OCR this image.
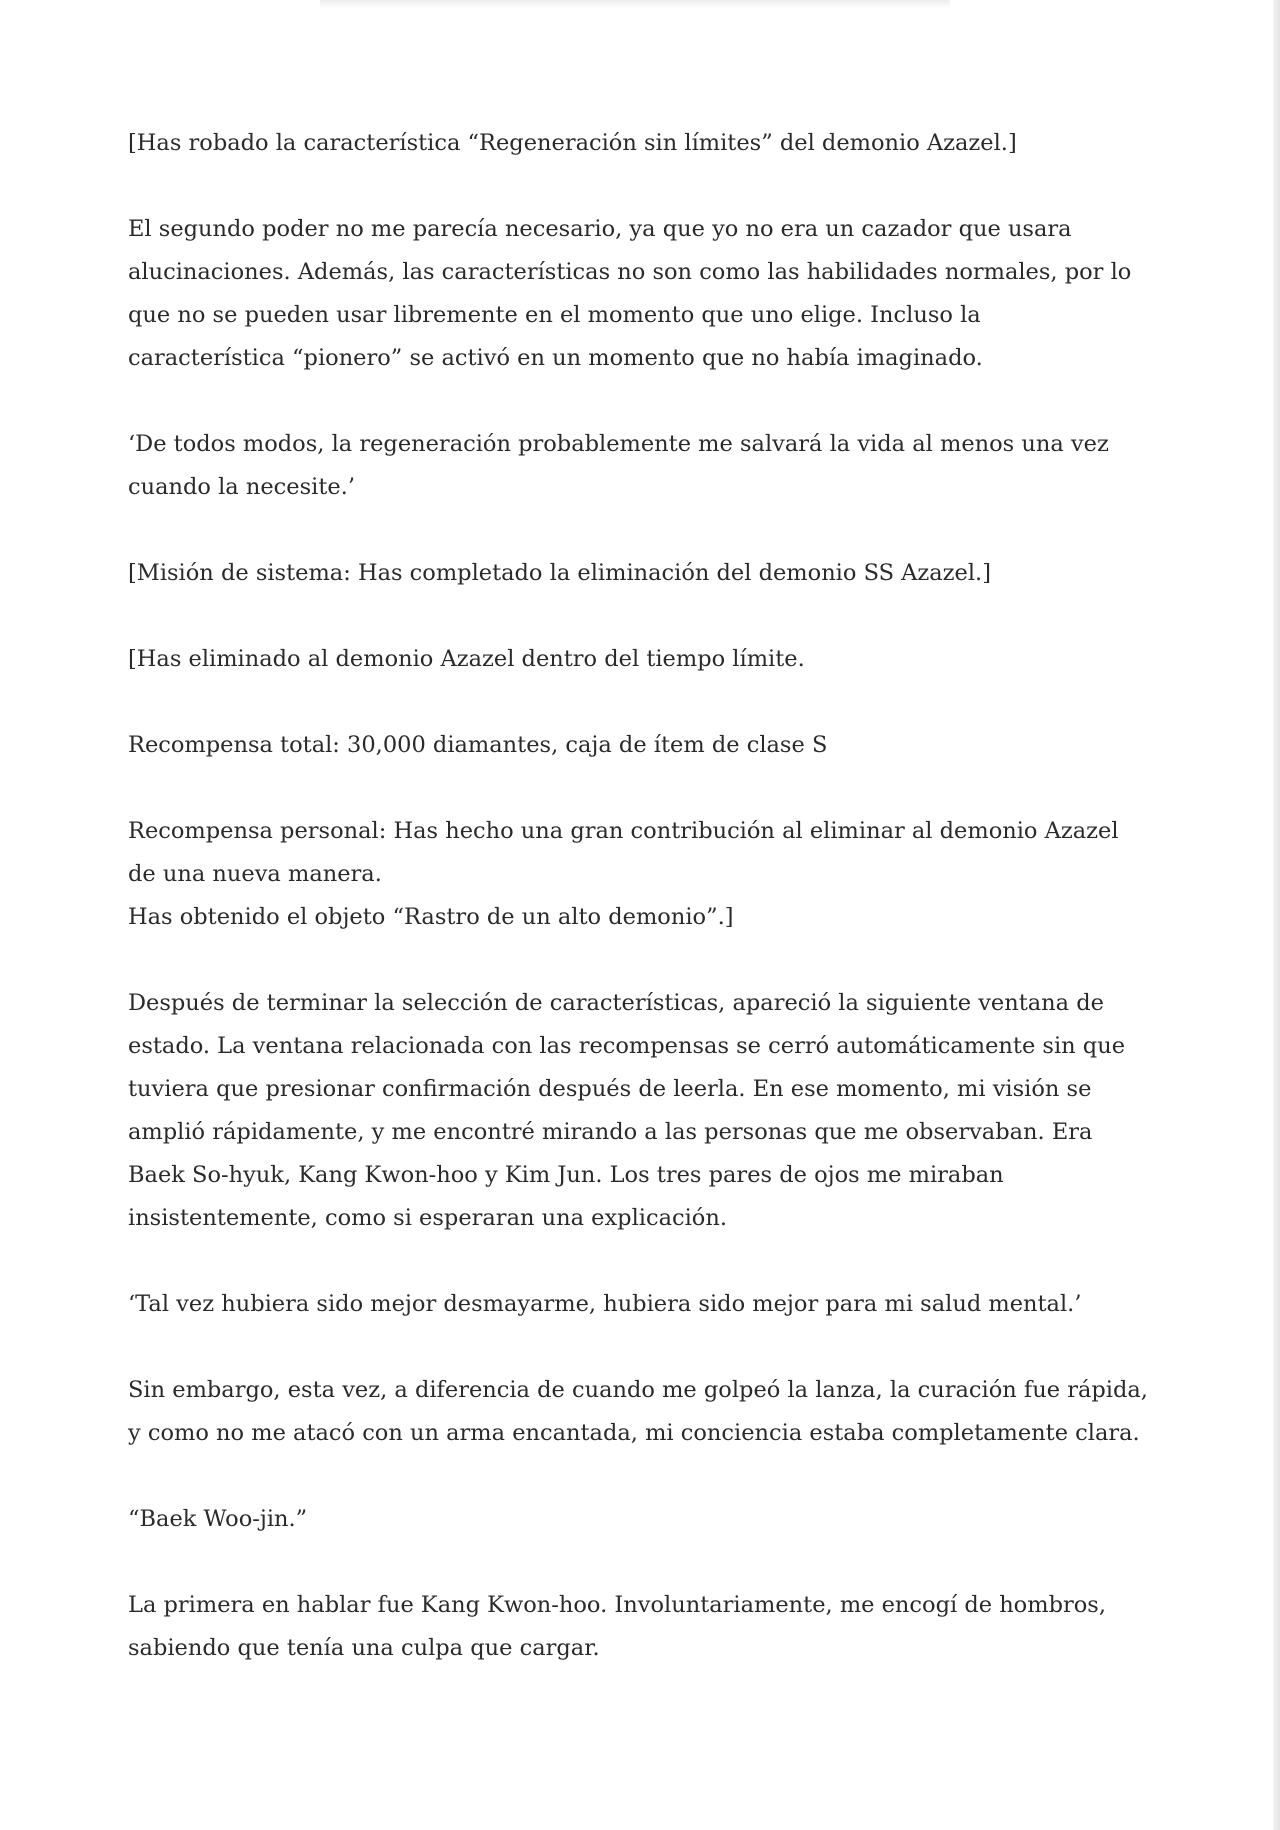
[Has robado la característica “Regeneración sin límites” del demonio Azazel.]

El segundo poder no me parecía necesario, ya que yo no era un cazador que usara
alucinaciones. Además, las características no son como las habilidades normales, por lo
que no se pueden usar libremente en el momento que uno elige. Incluso la
característica “pionero” se activó en un momento que no había imaginado.

‘De todos modos, la regeneración probablemente me salvará la vida al menos una vez
cuando la necesite.’

[Misión de sistema: Has completado la eliminación del demonio SS Azazel.]

[Has eliminado al demonio Azazel dentro del tiempo límite.

Recompensa total: 30,000 diamantes, caja de ítem de clase S

Recompensa personal: Has hecho una gran contribución al eliminar al demonio Azazel
de una nueva manera.
Has obtenido el objeto “Rastro de un alto demonio”.]

Después de terminar la selección de características, apareció la siguiente ventana de
estado. La ventana relacionada con las recompensas se cerró automáticamente sin que
tuviera que presionar confirmación después de leerla. En ese momento, mi visión se
amplió rápidamente, y me encontré mirando a las personas que me observaban. Era
Baek So-hyuk, Kang Kwon-hoo y Kim Jun. Los tres pares de ojos me miraban
insistentemente, como si esperaran una explicación.

‘Tal vez hubiera sido mejor desmayarme, hubiera sido mejor para mi salud mental.’

Sin embargo, esta vez, a diferencia de cuando me golpeó la lanza, la curación fue rápida,
y como no me atacó con un arma encantada, mi conciencia estaba completamente clara.

“Baek Woo-jin.”

La primera en hablar fue Kang Kwon-hoo. Involuntariamente, me encogí de hombros,
sabiendo que tenía una culpa que cargar.
